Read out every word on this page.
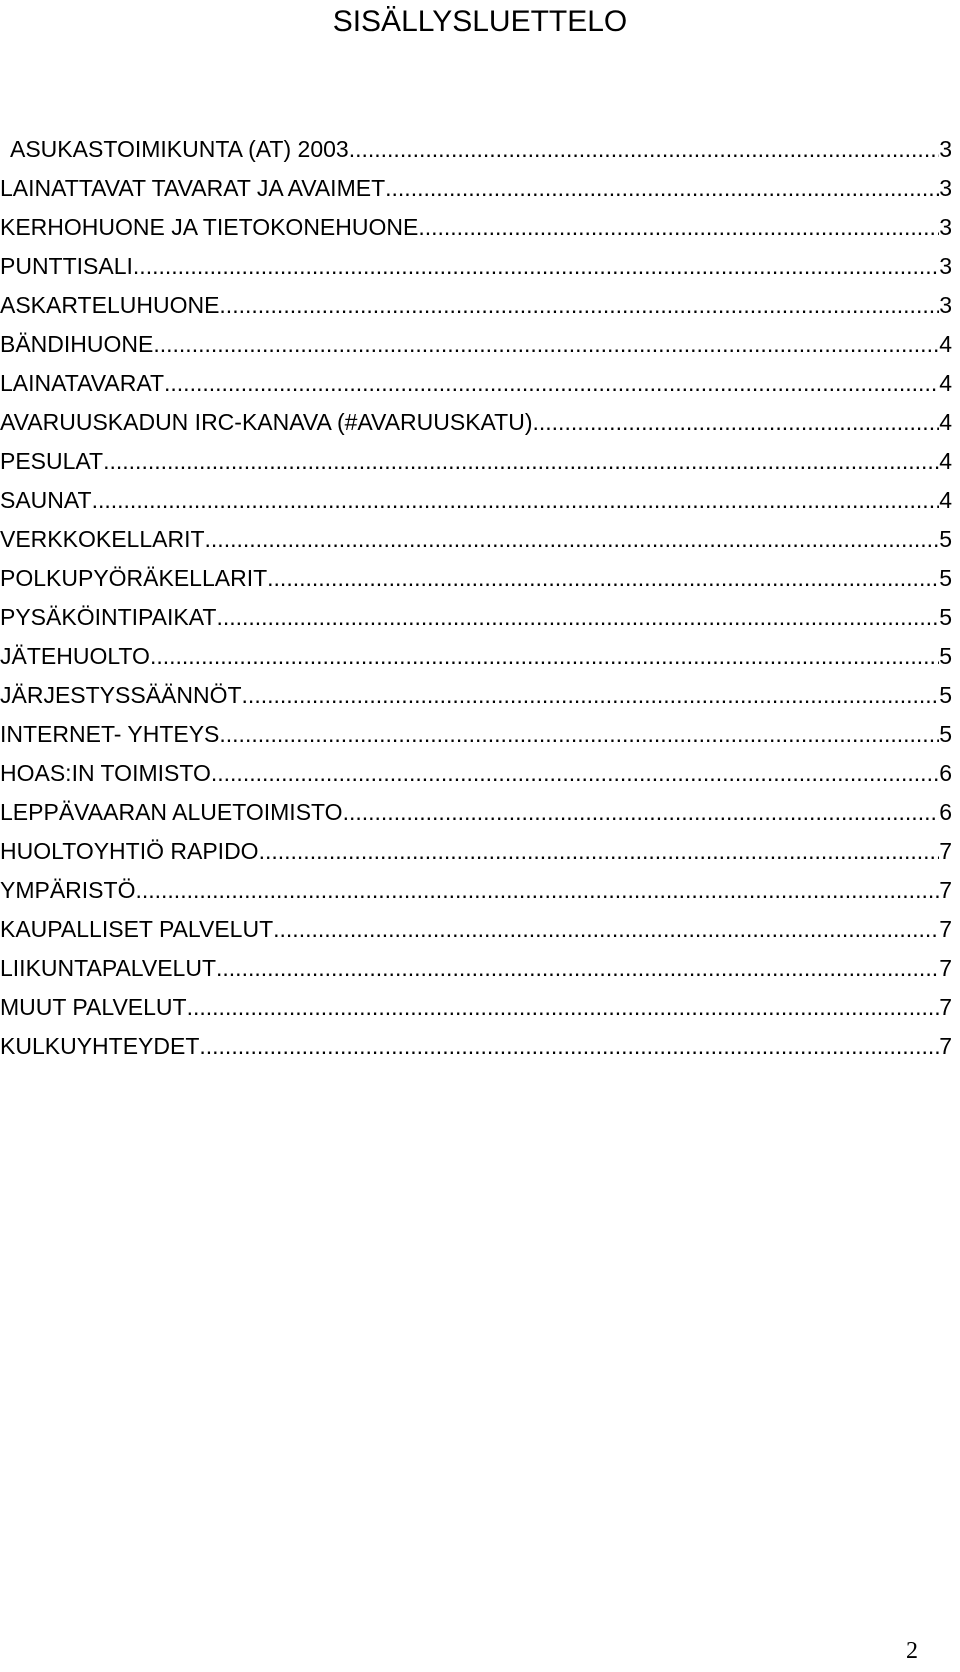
SISÄLLYSLUETTELO
ASUKASTOIMIKUNTA (AT) 2003 .....	3
LAINATTAVAT TAVARAT JA AVAIMET .....	3
KERHOHUONE JA TIETOKONEHUONE .....	3
PUNTTISALI .....	3
ASKARTELUHUONE .....	3
BÄNDIHUONE .....	4
LAINATAVARAT .....	4
AVARUUSKADUN IRC-KANAVA (#AVARUUSKATU) .....	4
PESULAT .....	4
SAUNAT .....	4
VERKKOKELLARIT .....	5
POLKUPYÖRÄKELLARIT .....	5
PYSÄKÖINTIPAIKAT .....	5
JÄTEHUOLTO .....	5
JÄRJESTYSSÄÄNNÖT .....	5
INTERNET- YHTEYS .....	5
HOAS:IN TOIMISTO .....	6
LEPPÄVAARAN ALUETOIMISTO .....	6
HUOLTOYHTIÖ RAPIDO .....	7
YMPÄRISTÖ .....	7
KAUPALLISET PALVELUT .....	7
LIIKUNTAPALVELUT .....	7
MUUT PALVELUT .....	7
KULKUYHTEYDET .....	7
2
